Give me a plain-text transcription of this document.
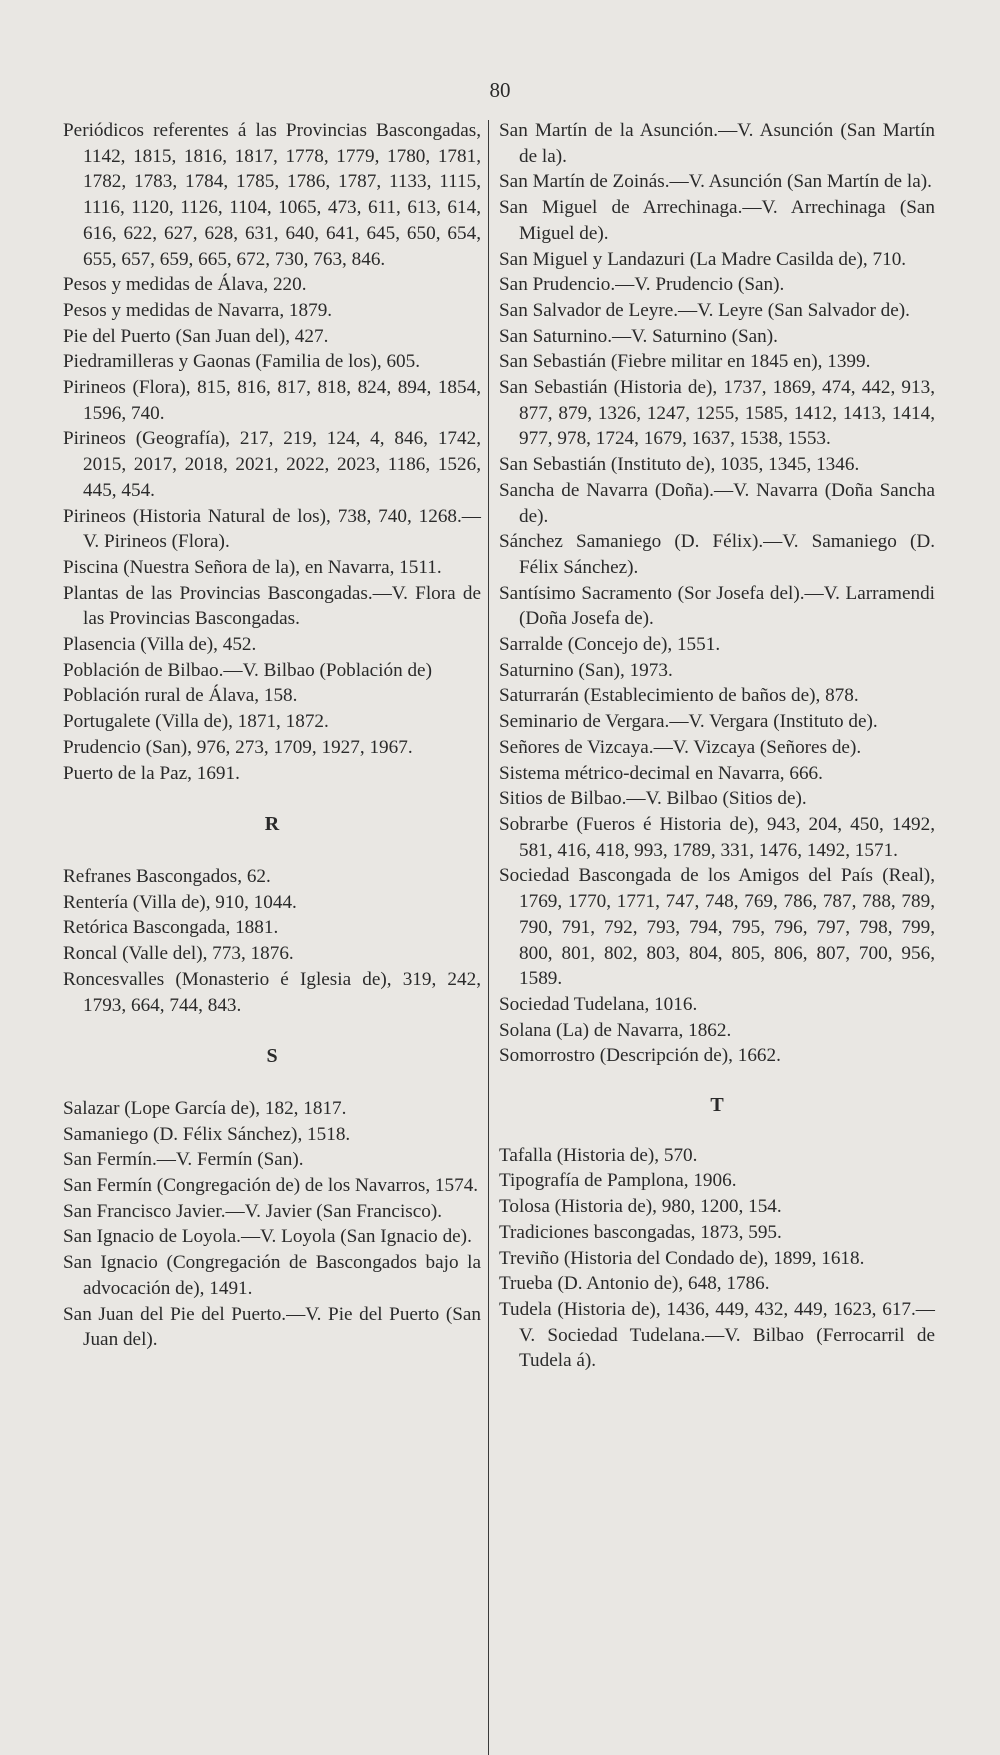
80

Periódicos referentes á las Provincias Bascongadas, 1142, 1815, 1816, 1817, 1778, 1779, 1780, 1781, 1782, 1783, 1784, 1785, 1786, 1787, 1133, 1115, 1116, 1120, 1126, 1104, 1065, 473, 611, 613, 614, 616, 622, 627, 628, 631, 640, 641, 645, 650, 654, 655, 657, 659, 665, 672, 730, 763, 846.

Pesos y medidas de Álava, 220.

Pesos y medidas de Navarra, 1879.

Pie del Puerto (San Juan del), 427.

Piedramilleras y Gaonas (Familia de los), 605.

Pirineos (Flora), 815, 816, 817, 818, 824, 894, 1854, 1596, 740.

Pirineos (Geografía), 217, 219, 124, 4, 846, 1742, 2015, 2017, 2018, 2021, 2022, 2023, 1186, 1526, 445, 454.

Pirineos (Historia Natural de los), 738, 740, 1268.—V. Pirineos (Flora).

Piscina (Nuestra Señora de la), en Navarra, 1511.

Plantas de las Provincias Bascongadas.—V. Flora de las Provincias Bascongadas.

Plasencia (Villa de), 452.

Población de Bilbao.—V. Bilbao (Población de)

Población rural de Álava, 158.

Portugalete (Villa de), 1871, 1872.

Prudencio (San), 976, 273, 1709, 1927, 1967.

Puerto de la Paz, 1691.

R

Refranes Bascongados, 62.

Rentería (Villa de), 910, 1044.

Retórica Bascongada, 1881.

Roncal (Valle del), 773, 1876.

Roncesvalles (Monasterio é Iglesia de), 319, 242, 1793, 664, 744, 843.

S

Salazar (Lope García de), 182, 1817.

Samaniego (D. Félix Sánchez), 1518.

San Fermín.—V. Fermín (San).

San Fermín (Congregación de) de los Navarros, 1574.

San Francisco Javier.—V. Javier (San Francisco).

San Ignacio de Loyola.—V. Loyola (San Ignacio de).

San Ignacio (Congregación de Bascongados bajo la advocación de), 1491.

San Juan del Pie del Puerto.—V. Pie del Puerto (San Juan del).

San Martín de la Asunción.—V. Asunción (San Martín de la).

San Martín de Zoinás.—V. Asunción (San Martín de la).

San Miguel de Arrechinaga.—V. Arrechinaga (San Miguel de).

San Miguel y Landazuri (La Madre Casilda de), 710.

San Prudencio.—V. Prudencio (San).

San Salvador de Leyre.—V. Leyre (San Salvador de).

San Saturnino.—V. Saturnino (San).

San Sebastián (Fiebre militar en 1845 en), 1399.

San Sebastián (Historia de), 1737, 1869, 474, 442, 913, 877, 879, 1326, 1247, 1255, 1585, 1412, 1413, 1414, 977, 978, 1724, 1679, 1637, 1538, 1553.

San Sebastián (Instituto de), 1035, 1345, 1346.

Sancha de Navarra (Doña).—V. Navarra (Doña Sancha de).

Sánchez Samaniego (D. Félix).—V. Samaniego (D. Félix Sánchez).

Santísimo Sacramento (Sor Josefa del).—V. Larramendi (Doña Josefa de).

Sarralde (Concejo de), 1551.

Saturnino (San), 1973.

Saturrarán (Establecimiento de baños de), 878.

Seminario de Vergara.—V. Vergara (Instituto de).

Señores de Vizcaya.—V. Vizcaya (Señores de).

Sistema métrico-decimal en Navarra, 666.

Sitios de Bilbao.—V. Bilbao (Sitios de).

Sobrarbe (Fueros é Historia de), 943, 204, 450, 1492, 581, 416, 418, 993, 1789, 331, 1476, 1492, 1571.

Sociedad Bascongada de los Amigos del País (Real), 1769, 1770, 1771, 747, 748, 769, 786, 787, 788, 789, 790, 791, 792, 793, 794, 795, 796, 797, 798, 799, 800, 801, 802, 803, 804, 805, 806, 807, 700, 956, 1589.

Sociedad Tudelana, 1016.

Solana (La) de Navarra, 1862.

Somorrostro (Descripción de), 1662.

T

Tafalla (Historia de), 570.

Tipografía de Pamplona, 1906.

Tolosa (Historia de), 980, 1200, 154.

Tradiciones bascongadas, 1873, 595.

Treviño (Historia del Condado de), 1899, 1618.

Trueba (D. Antonio de), 648, 1786.

Tudela (Historia de), 1436, 449, 432, 449, 1623, 617.—V. Sociedad Tudelana.—V. Bilbao (Ferrocarril de Tudela á).
